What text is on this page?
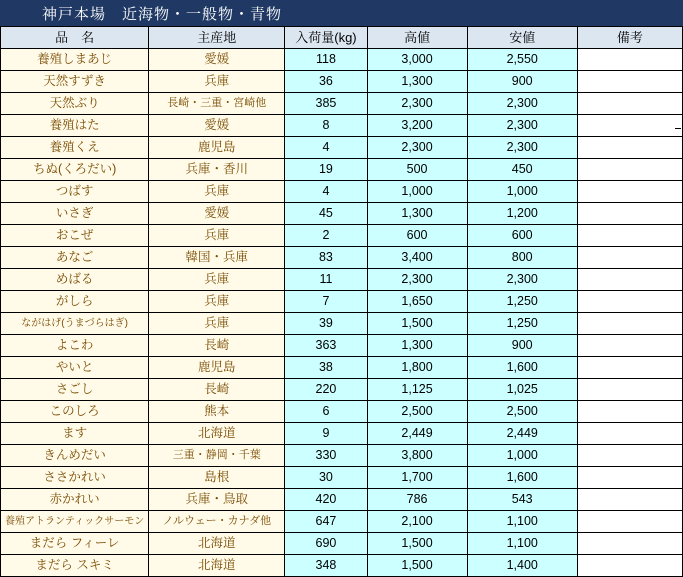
神戸本場　近海物・一般物・青物
品　名	主産地	入荷量(kg)	高値	安値	備考
養殖しまあじ	愛媛	118	3,000	2,550	
天然すずき	兵庫	36	1,300	900	
天然ぶり	長崎・三重・宮崎他	385	2,300	2,300	
養殖はた	愛媛	8	3,200	2,300	
養殖くえ	鹿児島	4	2,300	2,300	
ちぬ(くろだい)	兵庫・香川	19	500	450	
つばす	兵庫	4	1,000	1,000	
いさぎ	愛媛	45	1,300	1,200	
おこぜ	兵庫	2	600	600	
あなご	韓国・兵庫	83	3,400	800	
めばる	兵庫	11	2,300	2,300	
がしら	兵庫	7	1,650	1,250	
ながはげ(うまづらはぎ)	兵庫	39	1,500	1,250	
よこわ	長崎	363	1,300	900	
やいと	鹿児島	38	1,800	1,600	
さごし	長崎	220	1,125	1,025	
このしろ	熊本	6	2,500	2,500	
ます	北海道	9	2,449	2,449	
きんめだい	三重・静岡・千葉	330	3,800	1,000	
ささかれい	島根	30	1,700	1,600	
赤かれい	兵庫・鳥取	420	786	543	
養殖アトランティックサーモン	ノルウェー・カナダ他	647	2,100	1,100	
まだら フィーレ	北海道	690	1,500	1,100	
まだら スキミ	北海道	348	1,500	1,400	
